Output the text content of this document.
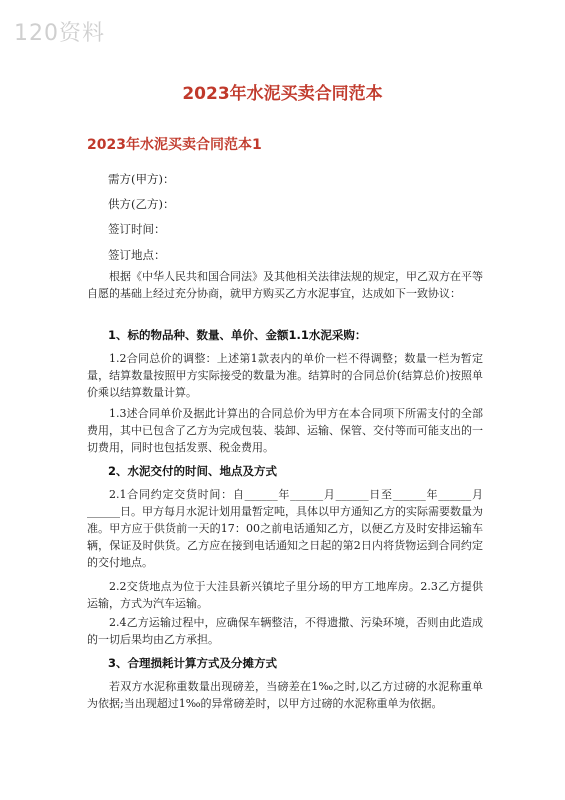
120资料
2023年水泥买卖合同范本
2023年水泥买卖合同范本1
需方(甲方)：
供方(乙方)：
签订时间：
签订地点：

根据《中华人民共和国合同法》及其他相关法律法规的规定，甲乙双方在平等自愿的基础上经过充分协商，就甲方购买乙方水泥事宜，达成如下一致协议：

1、标的物品种、数量、单价、金额1.1水泥采购：

1.2合同总价的调整：上述第1款表内的单价一栏不得调整；数量一栏为暂定量，结算数量按照甲方实际接受的数量为准。结算时的合同总价(结算总价)按照单价乘以结算数量计算。

1.3述合同单价及据此计算出的合同总价为甲方在本合同项下所需支付的全部费用，其中已包含了乙方为完成包装、装卸、运输、保管、交付等而可能支出的一切费用，同时也包括发票、税金费用。

2、水泥交付的时间、地点及方式

2.1合同约定交货时间：自______年______月______日至______年______月______日。甲方每月水泥计划用量暂定吨，具体以甲方通知乙方的实际需要数量为准。甲方应于供货前一天的17：00之前电话通知乙方，以便乙方及时安排运输车辆，保证及时供货。乙方应在接到电话通知之日起的第2日内将货物运到合同约定的交付地点。

2.2交货地点为位于大洼县新兴镇坨子里分场的甲方工地库房。2.3乙方提供运输，方式为汽车运输。

2.4乙方运输过程中，应确保车辆整洁，不得遗撒、污染环境，否则由此造成的一切后果均由乙方承担。

3、合理损耗计算方式及分摊方式

若双方水泥称重数量出现磅差，当磅差在1‰之时,以乙方过磅的水泥称重单为依据;当出现超过1‰的异常磅差时，以甲方过磅的水泥称重单为依据。
